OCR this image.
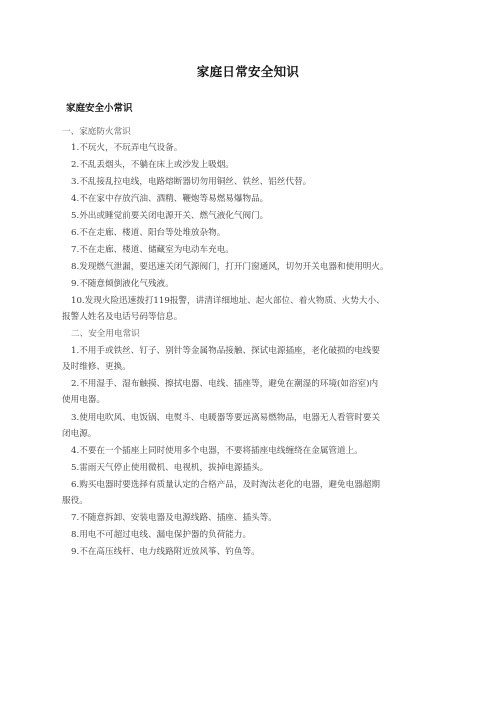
家庭日常安全知识
家庭安全小常识
一、家庭防火常识
1.不玩火，不玩弄电气设备。
2.不乱丢烟头，不躺在床上或沙发上吸烟。
3.不乱接乱拉电线，电路熔断器切勿用铜丝、铁丝、铝丝代替。
4.不在家中存放汽油、酒精、鞭炮等易燃易爆物品。
5.外出或睡觉前要关闭电源开关、燃气液化气阀门。
6.不在走廊、楼道、阳台等处堆放杂物。
7.不在走廊、楼道、储藏室为电动车充电。
8.发现燃气泄漏，要迅速关闭气源阀门，打开门窗通风，切勿开关电器和使用明火。
9.不随意倾倒液化气残液。
10.发现火险迅速拨打119报警，讲清详细地址、起火部位、着火物质、火势大小、
报警人姓名及电话号码等信息。
二、安全用电常识
1.不用手或铁丝、钉子、别针等金属物品接触、探试电源插座，老化破损的电线要
及时维修、更换。
2.不用湿手、湿布触摸、擦拭电器、电线、插座等，避免在潮湿的环境(如浴室)内
使用电器。
3.使用电吹风、电饭锅、电熨斗、电暖器等要远离易燃物品，电器无人看管时要关
闭电源。
4.不要在一个插座上同时使用多个电器，不要将插座电线缠绕在金属管道上。
5.雷雨天气停止使用微机、电视机，拔掉电源插头。
6.购买电器时要选择有质量认定的合格产品，及时淘汰老化的电器，避免电器超期
服役。
7.不随意拆卸、安装电器及电源线路、插座、插头等。
8.用电不可超过电线、漏电保护器的负荷能力。
9.不在高压线杆、电力线路附近放风筝、钓鱼等。
